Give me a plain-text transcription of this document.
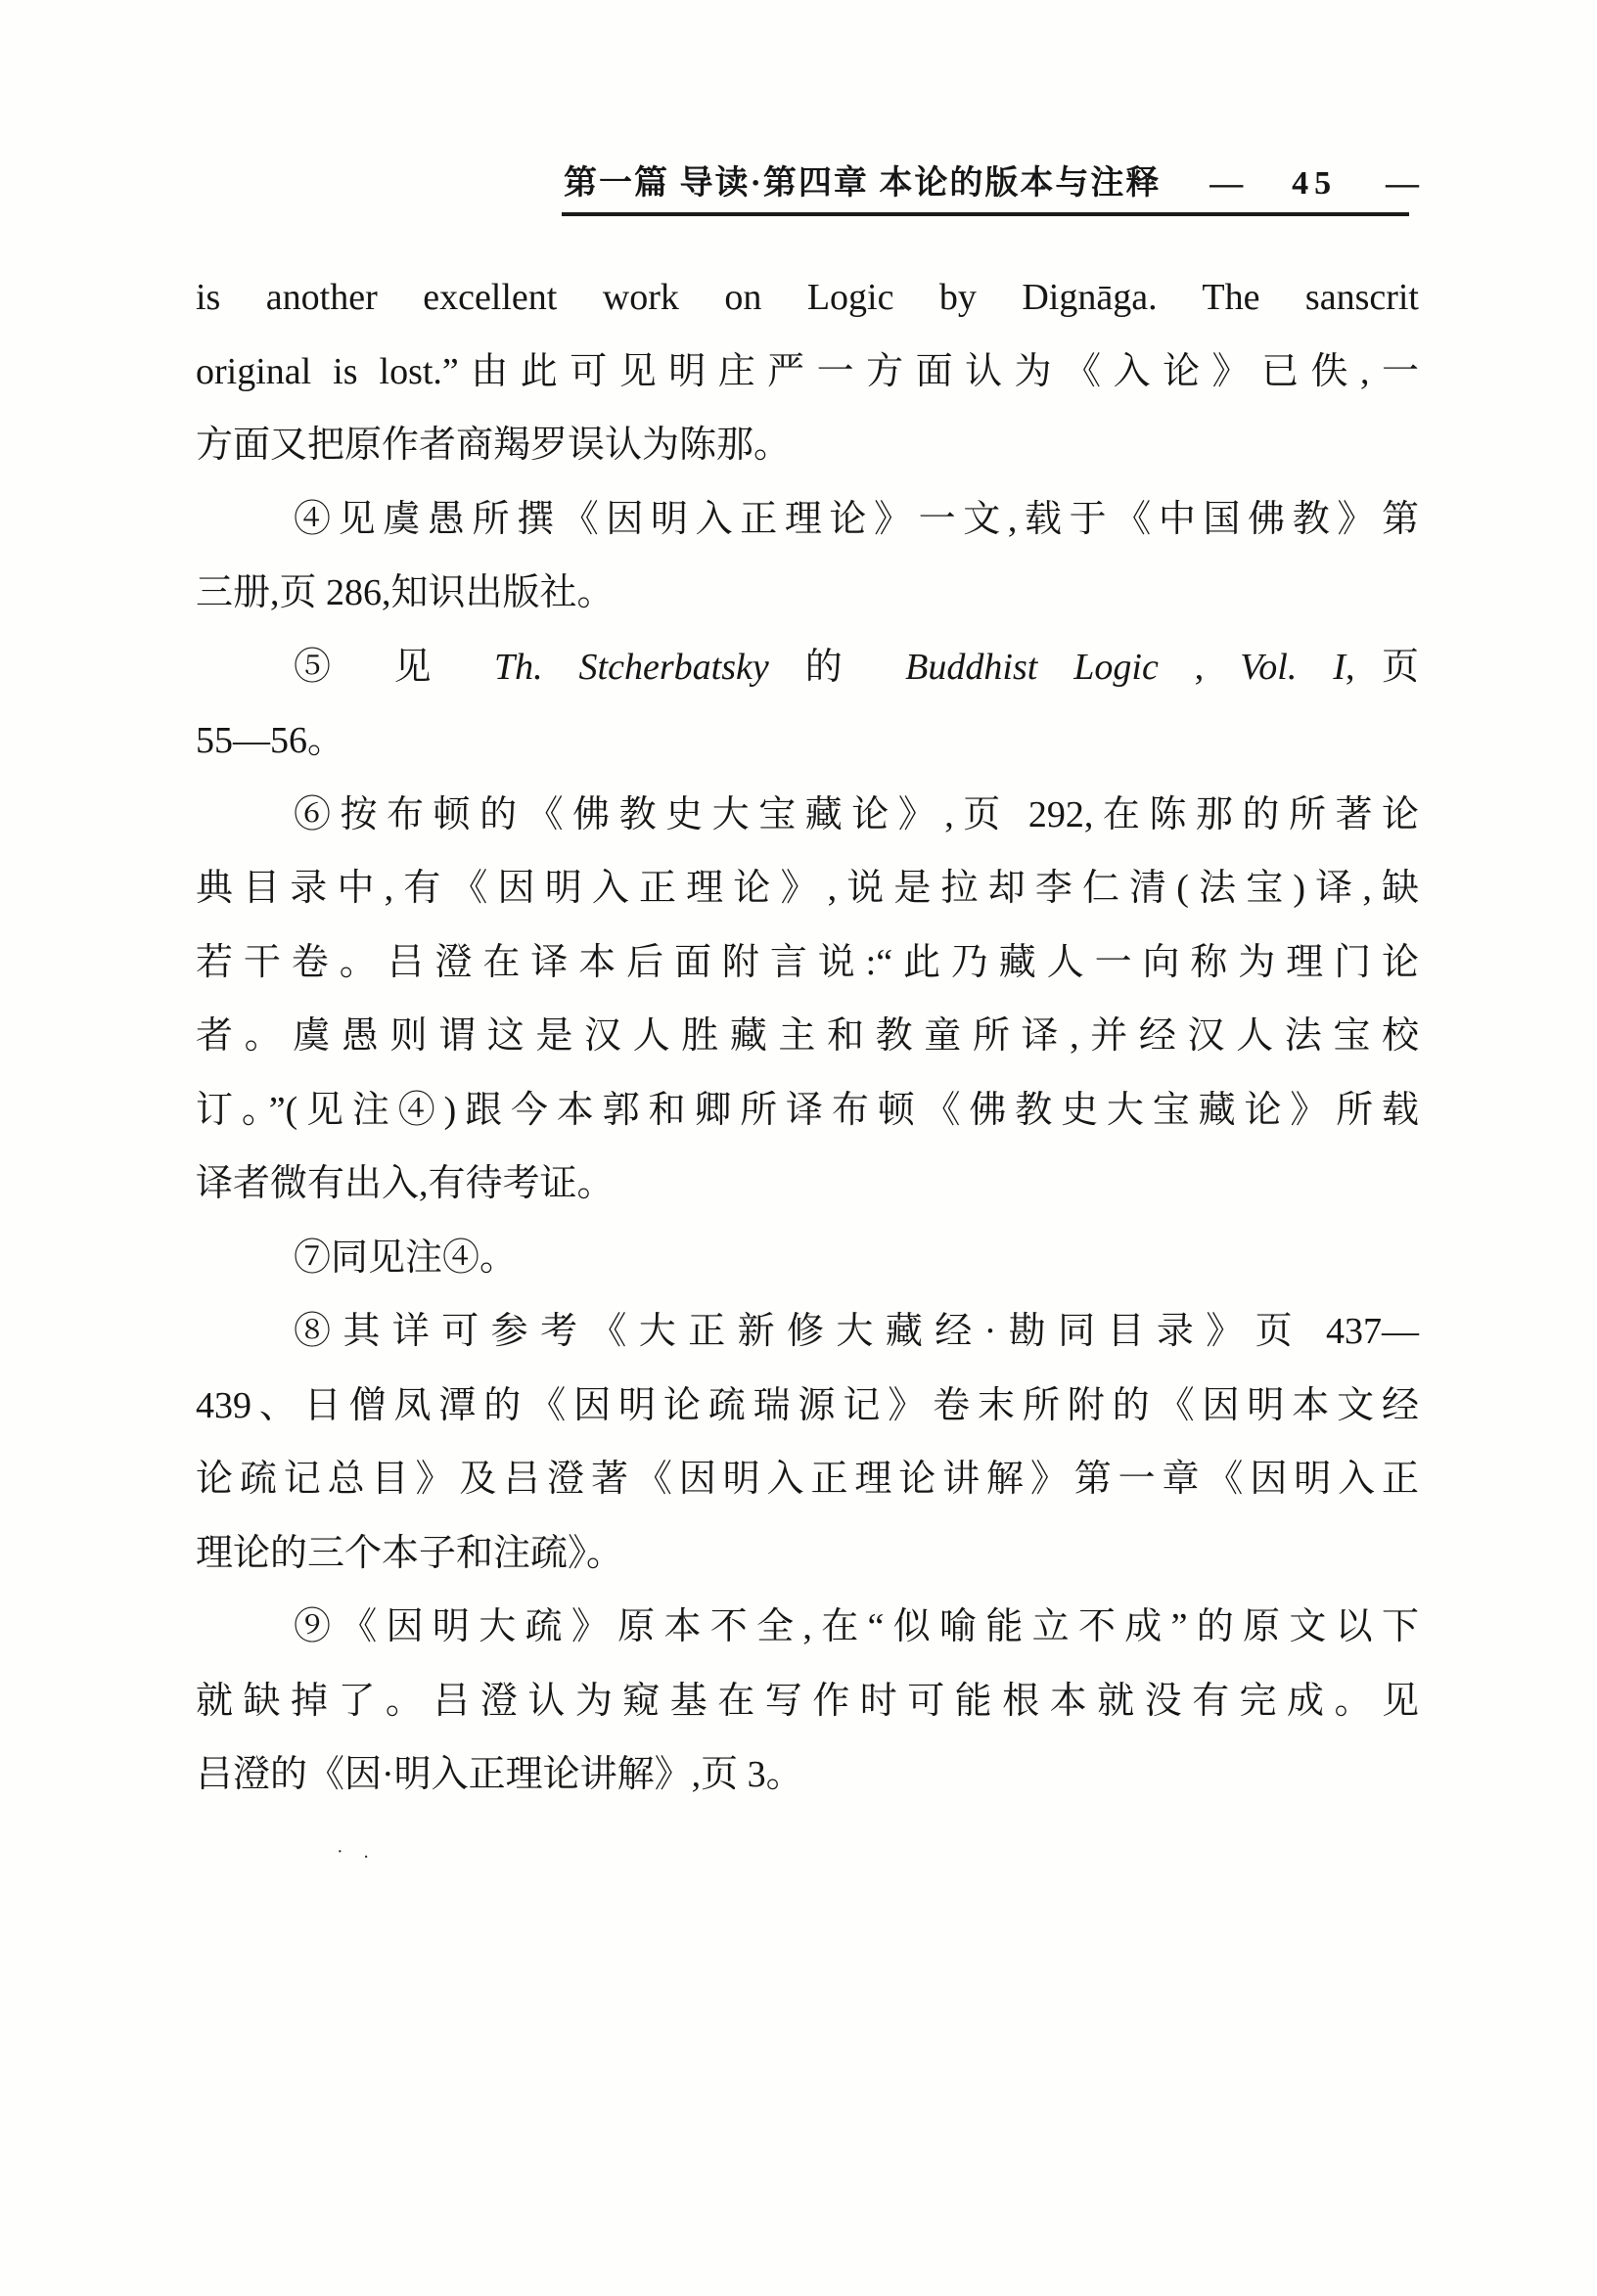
第一篇 导读·第四章 本论的版本与注释 — 45 —
is another excellent work on Logic by Dignāga. The sanscrit
original is lost.”由此可见明庄严一方面认为《入论》已佚,一
方面又把原作者商羯罗误认为陈那。
④见虞愚所撰《因明入正理论》一文,载于《中国佛教》第
三册,页 286,知识出版社。
⑤ 见 Th. Stcherbatsky 的 Buddhist Logic , Vol. I,页
55—56。
⑥按布顿的《佛教史大宝藏论》,页 292,在陈那的所著论
典目录中,有《因明入正理论》,说是拉却李仁清(法宝)译,缺
若干卷。吕澄在译本后面附言说:“此乃藏人一向称为理门论
者。虞愚则谓这是汉人胜藏主和教童所译,并经汉人法宝校
订。”(见注④)跟今本郭和卿所译布顿《佛教史大宝藏论》所载
译者微有出入,有待考证。
⑦同见注④。
⑧其详可参考《大正新修大藏经·勘同目录》页 437—
439、日僧凤潭的《因明论疏瑞源记》卷末所附的《因明本文经
论疏记总目》及吕澄著《因明入正理论讲解》第一章《因明入正
理论的三个本子和注疏》。
⑨《因明大疏》原本不全,在“似喻能立不成”的原文以下
就缺掉了。吕澄认为窥基在写作时可能根本就没有完成。见
吕澄的《因·明入正理论讲解》,页 3。
· .
